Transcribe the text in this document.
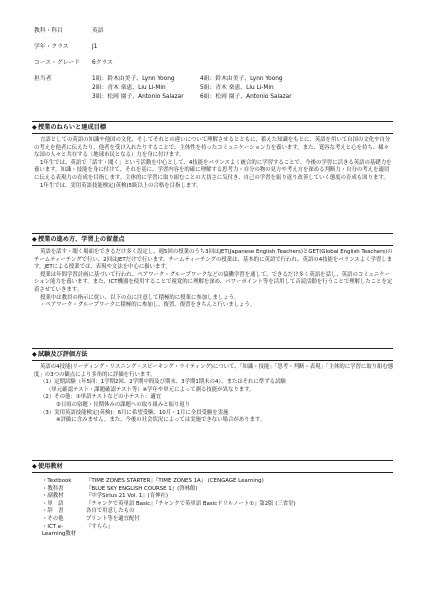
教科・科目	英語
学年・クラス	J1
コース・グレード	6クラス
担当者	1組：鈴木由美子、Lynn Yoong	4組：鈴木由美子、Lynn Yoong
2組：青木 楽恵、Liu Li-Min	5組：青木 楽恵、Liu Li-Min
3組：松岡 園子、Antonio Salazar	6組：松岡 園子、Antonio Salazar
◆授業のねらいと達成目標

言語としての英語の知識や他国の文化、そしてそれとの違いについて理解させるとともに、蓄えた知識をもとに、英語を用いて自国の文化や自分の考えを他者に伝えたり、他者を受け入れたりすることで、主体性を持ったコミュニケーション力を養います。また、寛容な考えと心を持ち、様々な国の人々と共存する（地球市民となる）力を身に付けます。

1年生では、英語で「話す・聞く」という活動を中心として、4技能をバランスよく統合的に学習することで、今後の学習に活きる英語の基礎力を養います。知識・技能を身に付けて、それを基に、学習内容を的確に理解する思考力・自分の物の見方や考え方を深める判断力・自分の考えを適切に伝える表現力の育成を目指します。主体的に学習に取り組むことの大切さに気付き、自己の学習を振り返り改善していく態度の育成も図ります。

1年生では、実用英語技能検定(英検)5級以上の合格を目指します。

◆授業の進め方、学習上の留意点

英語を話す・聞く場面をできるだけ多く設定し、週5回の授業のうち3回はJET(Japanese English Teachers)とGET(Global English Teachers)のチームティーチングで行い、2回はJETだけで行います。チームティーチングの授業は、基本的に英語で行われ、英語の4技能をバランスよく学習します。JETによる授業では、表現や文法を中心に扱います。

授業は年間学習計画に基づいて行われ、ペアワーク・グループワークなどの協働学習を通して、できるだけ多く英語を話し、英語のコミュニケーション能力を養います。また、ICT機器を使用することで視覚的に理解を深め、パワーポイント等を活用して音読活動を行うことで理解したことを定着させていきます。

授業中は教員の指示に従い、以下の点に注意して積極的に授業に参加しましょう。

・ペアワーク・グループワークに積極的に参加し、復習、復習をきちんと行いましょう。

◆試験及び評価方法

英語の4技能(リーディング・リスニング・スピーキング・ライティング)について、「知識・技能」「思考・判断・表現」「主体的に学習に取り組む態度」の3つの観点により多角的に評価を行います。

（1）定期試験（年5回：1学期2回、2学期中間及び期末、3学期1期末の4）、またはそれに準ずる試験
（単元確認テスト・課題確認テスト等）※学年や単元によって測る技能が異なります。
（2）その他：①単語テストなどの小テスト：適宜
②日頃の宿題・長期休みの課題への取り組みと振り返り
（3）実用英語技能検定(英検)：6月に希望受験、10月・1月に全員受験を実施
※評価に含みません。また、今後の社会状況によっては実施できない場合があります。
◆使用教材
・Textbook	『TIME ZONES STARTER』『TIME ZONES 1A』 (CENGAGE Learning)
・教科書	『BLUE SKY ENGLISH COURSE 1』(啓林館)
・副教材	『中学Sirius 21 Vol. 1』(育伸社)
・単　語	『チャンクで英単語 Basic』『チャンクで英単語 Basicドリルノート①』第2版 (三省堂)
・辞　書	各自で用意したもの
・その他	プリント等を適宜配付
・ICT e-Learning教材
『すらら』
